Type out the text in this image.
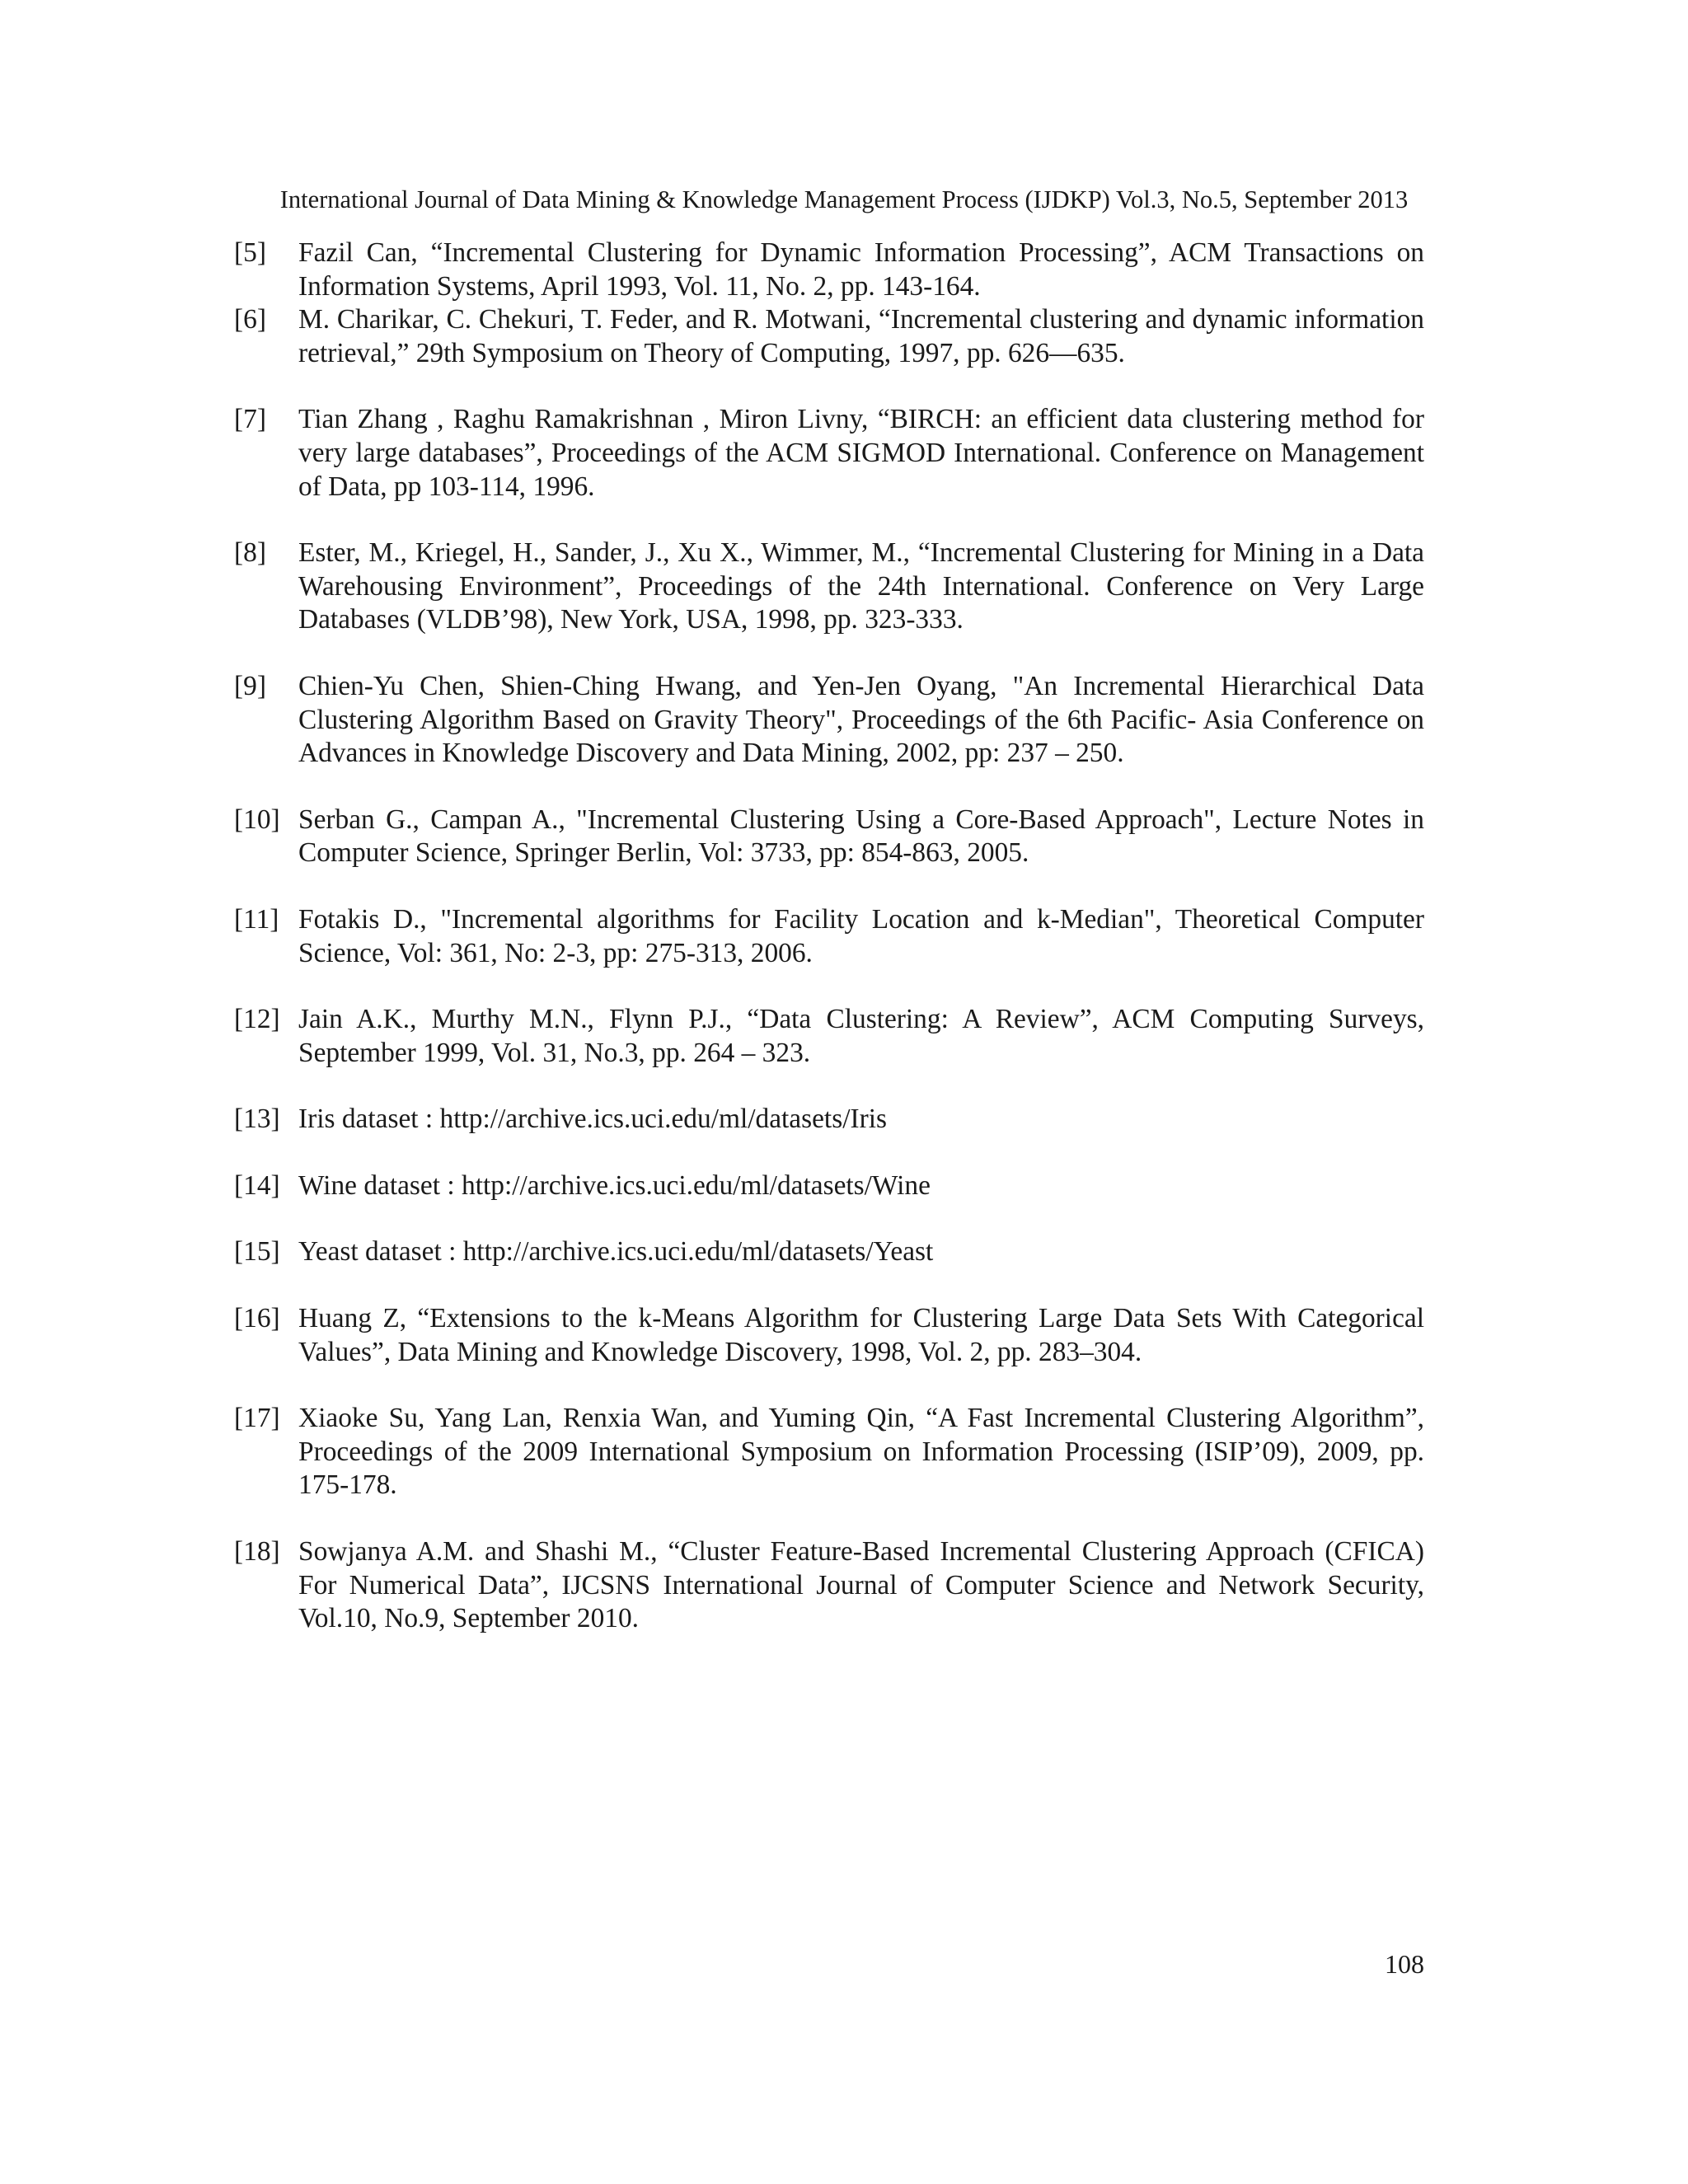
International Journal of Data Mining & Knowledge Management Process (IJDKP) Vol.3, No.5, September 2013
[5] Fazil Can, “Incremental Clustering for Dynamic Information Processing”, ACM Transactions on Information Systems, April 1993, Vol. 11, No. 2, pp. 143-164.
[6] M. Charikar, C. Chekuri, T. Feder, and R. Motwani, “Incremental clustering and dynamic information retrieval,” 29th Symposium on Theory of Computing, 1997, pp. 626—635.
[7] Tian Zhang , Raghu Ramakrishnan , Miron Livny, “BIRCH: an efficient data clustering method for very large databases”, Proceedings of the ACM SIGMOD International. Conference on Management of Data, pp 103-114, 1996.
[8] Ester, M., Kriegel, H., Sander, J., Xu X., Wimmer, M., “Incremental Clustering for Mining in a Data Warehousing Environment”, Proceedings of the 24th International. Conference on Very Large Databases (VLDB’98), New York, USA, 1998, pp. 323-333.
[9] Chien-Yu Chen, Shien-Ching Hwang, and Yen-Jen Oyang, "An Incremental Hierarchical Data Clustering Algorithm Based on Gravity Theory", Proceedings of the 6th Pacific- Asia Conference on Advances in Knowledge Discovery and Data Mining, 2002, pp: 237 – 250.
[10] Serban G., Campan A., "Incremental Clustering Using a Core-Based Approach", Lecture Notes in Computer Science, Springer Berlin, Vol: 3733, pp: 854-863, 2005.
[11] Fotakis D., "Incremental algorithms for Facility Location and k-Median", Theoretical Computer Science, Vol: 361, No: 2-3, pp: 275-313, 2006.
[12] Jain A.K., Murthy M.N., Flynn P.J., “Data Clustering: A Review”, ACM Computing Surveys, September 1999, Vol. 31, No.3, pp. 264 – 323.
[13] Iris dataset : http://archive.ics.uci.edu/ml/datasets/Iris
[14] Wine dataset : http://archive.ics.uci.edu/ml/datasets/Wine
[15] Yeast dataset : http://archive.ics.uci.edu/ml/datasets/Yeast
[16] Huang Z, “Extensions to the k-Means Algorithm for Clustering Large Data Sets With Categorical Values”, Data Mining and Knowledge Discovery, 1998, Vol. 2, pp. 283–304.
[17] Xiaoke Su, Yang Lan, Renxia Wan, and Yuming Qin, “A Fast Incremental Clustering Algorithm”, Proceedings of the 2009 International Symposium on Information Processing (ISIP’09), 2009, pp. 175-178.
[18] Sowjanya A.M. and Shashi M., “Cluster Feature-Based Incremental Clustering Approach (CFICA) For Numerical Data”, IJCSNS International Journal of Computer Science and Network Security, Vol.10, No.9, September 2010.
108
